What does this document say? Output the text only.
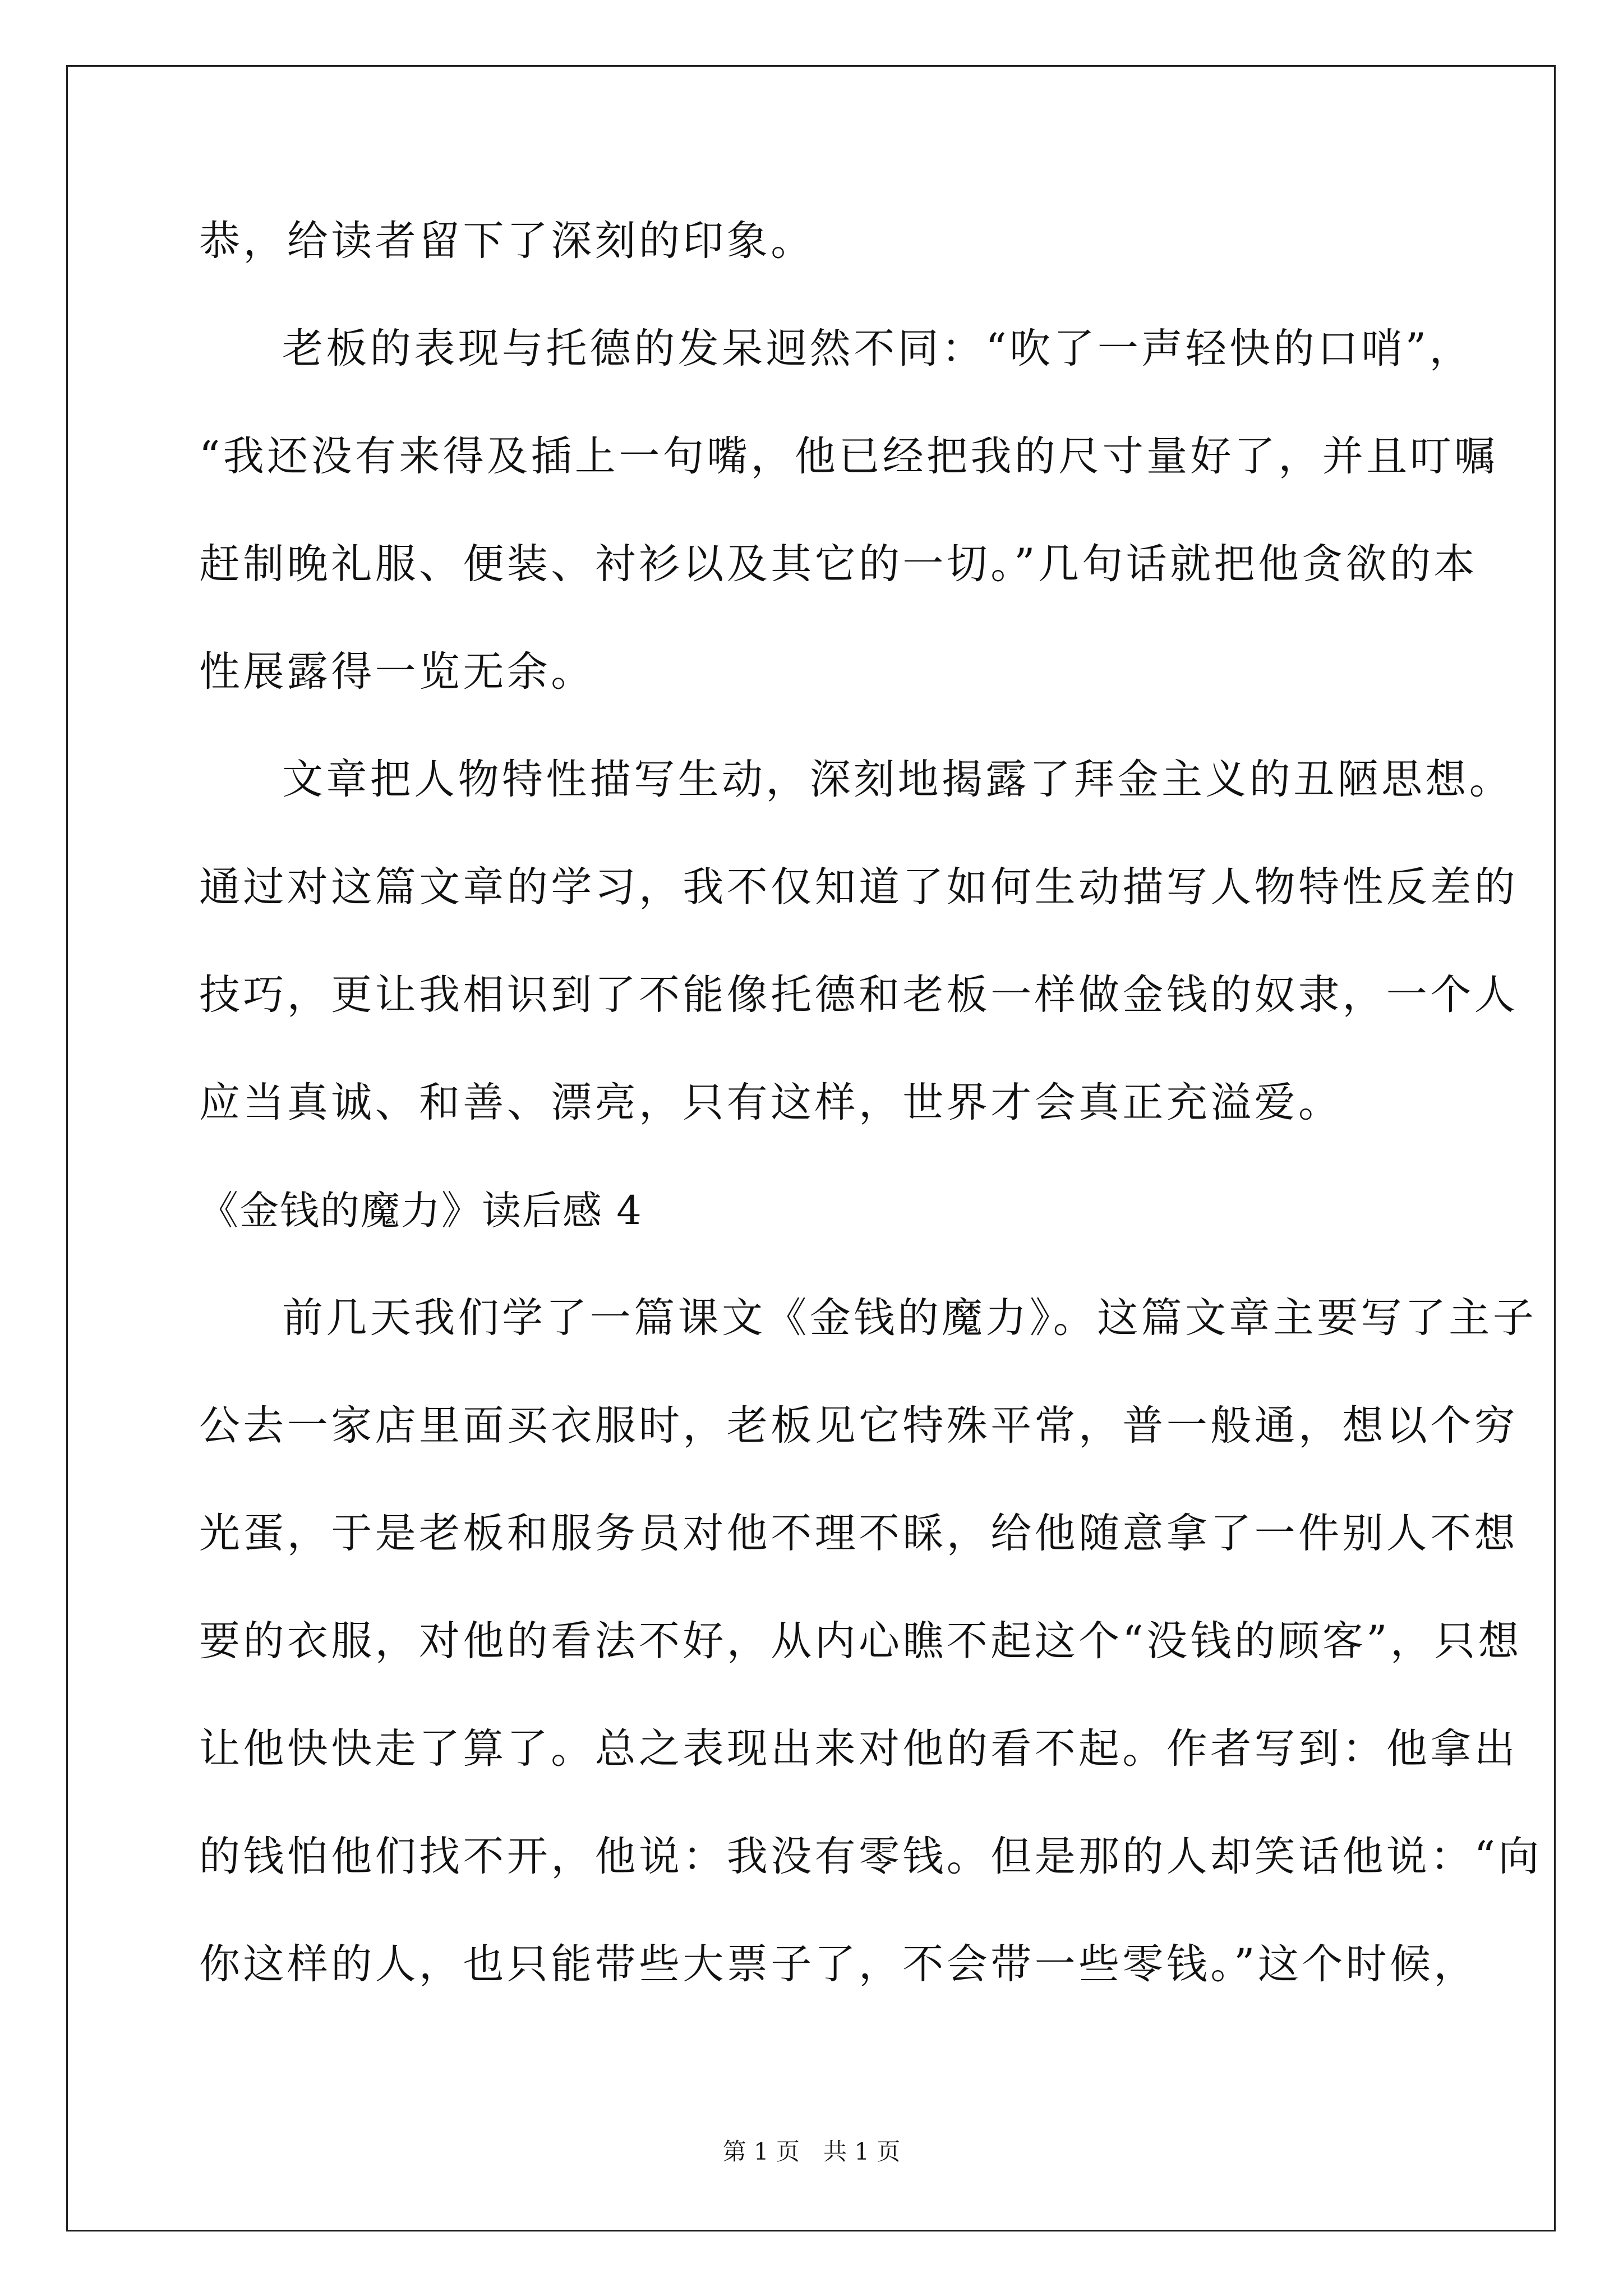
恭，给读者留下了深刻的印象。
老板的表现与托德的发呆迥然不同：“吹了一声轻快的口哨”，
“我还没有来得及插上一句嘴，他已经把我的尺寸量好了，并且叮嘱
赶制晚礼服、便装、衬衫以及其它的一切。”几句话就把他贪欲的本
性展露得一览无余。
文章把人物特性描写生动，深刻地揭露了拜金主义的丑陋思想。
通过对这篇文章的学习，我不仅知道了如何生动描写人物特性反差的
技巧，更让我相识到了不能像托德和老板一样做金钱的奴隶，一个人
应当真诚、和善、漂亮，只有这样，世界才会真正充溢爱。
《金钱的魔力》读后感 4
前几天我们学了一篇课文《金钱的魔力》。这篇文章主要写了主子
公去一家店里面买衣服时，老板见它特殊平常，普一般通，想以个穷
光蛋，于是老板和服务员对他不理不睬，给他随意拿了一件别人不想
要的衣服，对他的看法不好，从内心瞧不起这个“没钱的顾客”，只想
让他快快走了算了。总之表现出来对他的看不起。作者写到：他拿出
的钱怕他们找不开，他说：我没有零钱。但是那的人却笑话他说：“向
你这样的人，也只能带些大票子了，不会带一些零钱。”这个时候，
第 1 页　共 1 页
